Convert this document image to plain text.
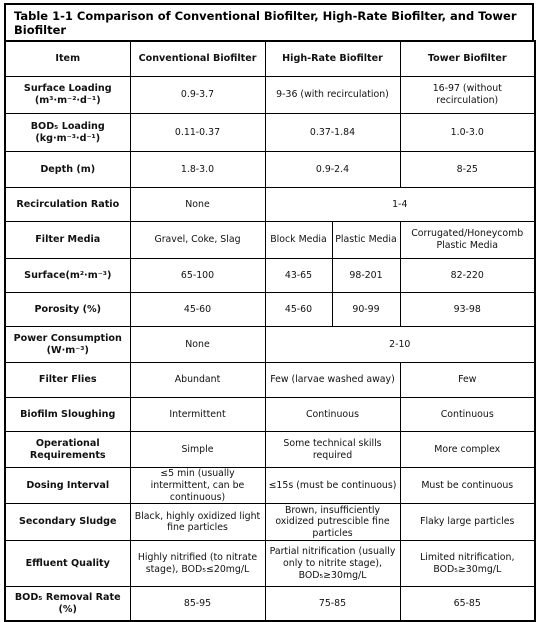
Table 1-1 Comparison of Conventional Biofilter, High-Rate Biofilter, and Tower Biofilter
Item	Conventional Biofilter	High-Rate Biofilter		Tower Biofilter
Surface Loading (m³·m⁻²·d⁻¹)	0.9-3.7	9-36 (with recirculation)		16-97 (without recirculation)
BOD₅ Loading (kg·m⁻³·d⁻¹)	0.11-0.37	0.37-1.84		1.0-3.0
Depth (m)	1.8-3.0	0.9-2.4		8-25
Recirculation Ratio	None	1-4		
Filter Media	Gravel, Coke, Slag	Block Media	Plastic Media	Corrugated/Honeycomb Plastic Media
Surface(m²·m⁻³)	65-100	43-65	98-201	82-220
Porosity (%)	45-60	45-60	90-99	93-98
Power Consumption (W·m⁻³)	None	2-10		
Filter Flies	Abundant	Few (larvae washed away)		Few
Biofilm Sloughing	Intermittent	Continuous		Continuous
Operational Requirements	Simple	Some technical skills required		More complex
Dosing Interval	≤5 min (usually intermittent, can be continuous)	≤15s (must be continuous)		Must be continuous
Secondary Sludge	Black, highly oxidized light fine particles	Brown, insufficiently oxidized putrescible fine particles		Flaky large particles
Effluent Quality	Highly nitrified (to nitrate stage), BOD₅≤20mg/L	Partial nitrification (usually only to nitrite stage), BOD₅≥30mg/L		Limited nitrification, BOD₅≥30mg/L
BOD₅ Removal Rate (%)	85-95	75-85		65-85
